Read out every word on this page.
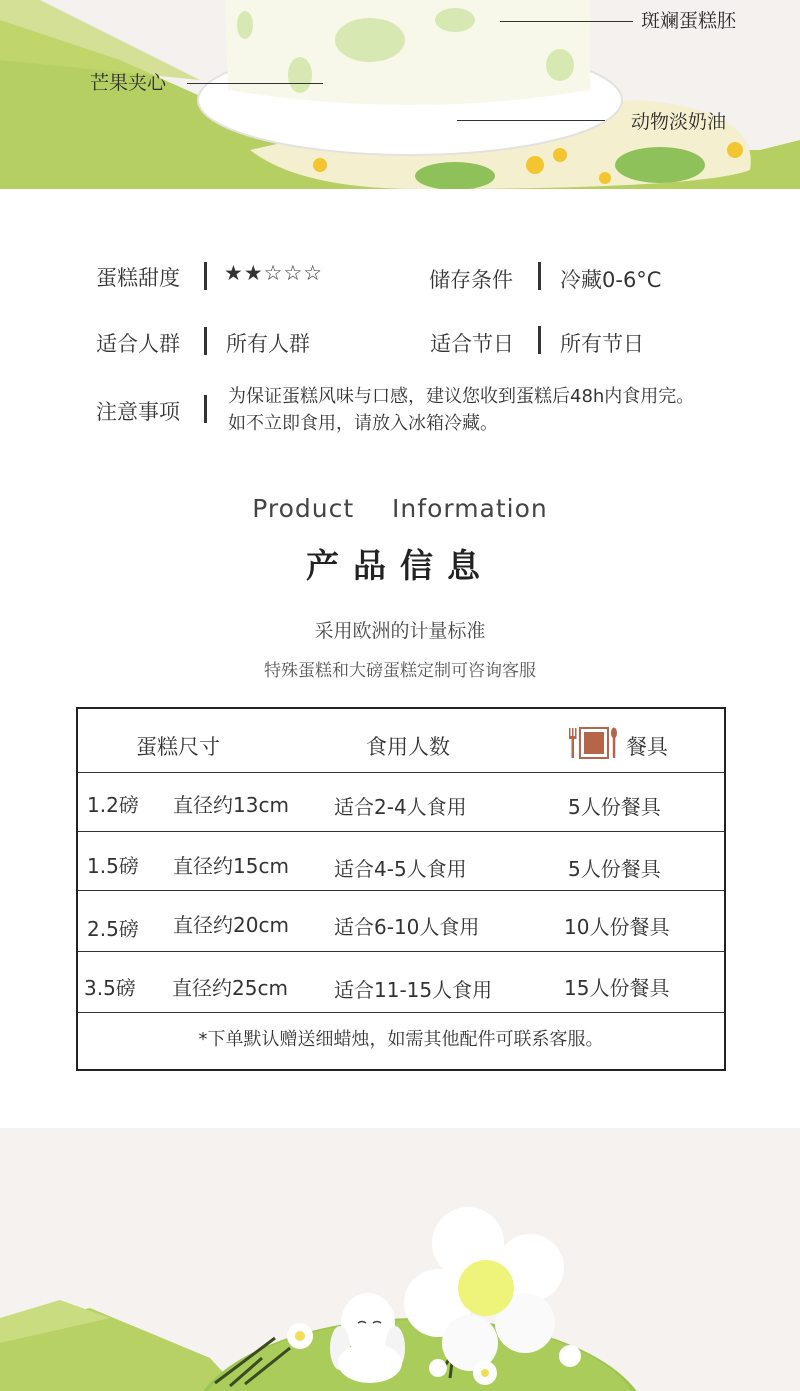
斑斓蛋糕胚
芒果夹心
动物淡奶油
蛋糕甜度 ★★☆☆☆	储存条件 冷藏0-6°C
适合人群 所有人群	适合节日 所有节日
注意事项
为保证蛋糕风味与口感，建议您收到蛋糕后48h内食用完。
如不立即食用，请放入冰箱冷藏。
Product  Information
产品信息
采用欧洲的计量标准
特殊蛋糕和大磅蛋糕定制可咨询客服
蛋糕尺寸	食用人数	餐具
1.2磅 直径约13cm 适合2-4人食用	5人份餐具
1.5磅 直径约15cm 适合4-5人食用	5人份餐具
2.5磅 直径约20cm 适合6-10人食用	10人份餐具
3.5磅 直径约25cm 适合11-15人食用	15人份餐具
*下单默认赠送细蜡烛，如需其他配件可联系客服。
